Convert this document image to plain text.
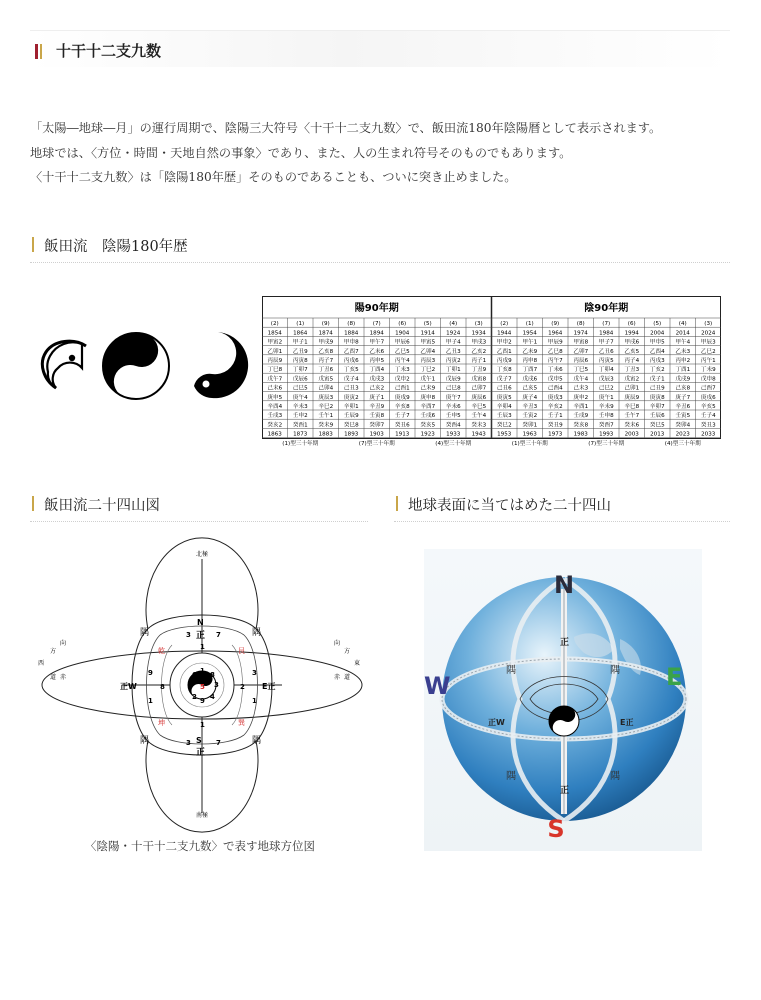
十干十二支九数

「太陽―地球―月」の運行周期で、陰陽三大符号〈十干十二支九数〉で、飯田流180年陰陽暦として表示されます。

地球では、〈方位・時間・天地自然の事象〉であり、また、人の生まれ符号そのものでもあります。

〈十干十二支九数〉は「陰陽180年歴」そのものであることも、ついに突き止めました。

飯田流　陰陽180年歴
陽90年期	陰90年期
(2)	(1)	(9)	(8)	(7)	(6)	(5)	(4)	(3)	(2)	(1)	(9)	(8)	(7)	(6)	(5)	(4)	(3)
1854 1864 1874 1884 1894 1904 1914 1924 1934 1944 1954 1964 1974 1984 1994 2004 2014 2024
甲寅2 甲子1 甲戌9 甲申8 甲午7 甲辰6 甲寅5 甲子4 甲戌3 甲申2 甲午1 甲辰9 甲寅8 甲子7 甲戌6 甲申5 甲午4 甲辰3
乙卯1 乙丑9 乙亥8 乙酉7 乙未6 乙巳5 乙卯4 乙丑3 乙亥2 乙酉1 乙未9 乙巳8 乙卯7 乙丑6 乙亥5 乙酉4 乙未3 乙巳2
丙辰9 丙寅8 丙子7 丙戌6 丙申5 丙午4 丙辰3 丙寅2 丙子1 丙戌9 丙申8 丙午7 丙辰6 丙寅5 丙子4 丙戌3 丙申2 丙午1
丁巳8 丁卯7 丁丑6 丁亥5 丁酉4 丁未3 丁巳2 丁卯1 丁丑9 丁亥8 丁酉7 丁未6 丁巳5 丁卯4 丁丑3 丁亥2 丁酉1 丁未9
戊午7 戊辰6 戊寅5 戊子4 戊戌3 戊申2 戊午1 戊辰9 戊寅8 戊子7 戊戌6 戊申5 戊午4 戊辰3 戊寅2 戊子1 戊戌9 戊申8
己未6 己巳5 己卯4 己丑3 己亥2 己酉1 己未9 己巳8 己卯7 己丑6 己亥5 己酉4 己未3 己巳2 己卯1 己丑9 己亥8 己酉7
庚申5 庚午4 庚辰3 庚寅2 庚子1 庚戌9 庚申8 庚午7 庚辰6 庚寅5 庚子4 庚戌3 庚申2 庚午1 庚辰9 庚寅8 庚子7 庚戌6
辛酉4 辛未3 辛巳2 辛卯1 辛丑9 辛亥8 辛酉7 辛未6 辛巳5 辛卯4 辛丑3 辛亥2 辛酉1 辛未9 辛巳8 辛卯7 辛丑6 辛亥5
壬戌3 壬申2 壬午1 壬辰9 壬寅8 壬子7 壬戌6 壬申5 壬午4 壬辰3 壬寅2 壬子1 壬戌9 壬申8 壬午7 壬辰6 壬寅5 壬子4
癸亥2 癸酉1 癸未9 癸巳8 癸卯7 癸丑6 癸亥5 癸酉4 癸未3 癸巳2 癸卯1 癸丑9 癸亥8 癸酉7 癸未6 癸巳5 癸卯4 癸丑3
1863 1873 1883 1893 1903 1913 1923 1933 1943 1953 1963 1973 1983 1993 2003 2013 2023 2033
(1)型三十年期	(7)型三十年期	(4)型三十年期	(1)型三十年期	(7)型三十年期	(4)型三十年期
飯田流二十四山図	地球表面に当てはめた二十四山
北極
南極
正
N
S
正
正W	E正
隅	隅
隅	隅
向
方
西
道 赤
向
方
東
道
赤
乾	艮
坤	巽
3
1
7
3
1
7
9
8
1
3
2
1
6 1 8
7 5 3
2 9 4
〈陰陽・十干十二支九数〉で表す地球方位図
隅	隅
隅	隅
正W	E正
正
正
N
S
W	E
